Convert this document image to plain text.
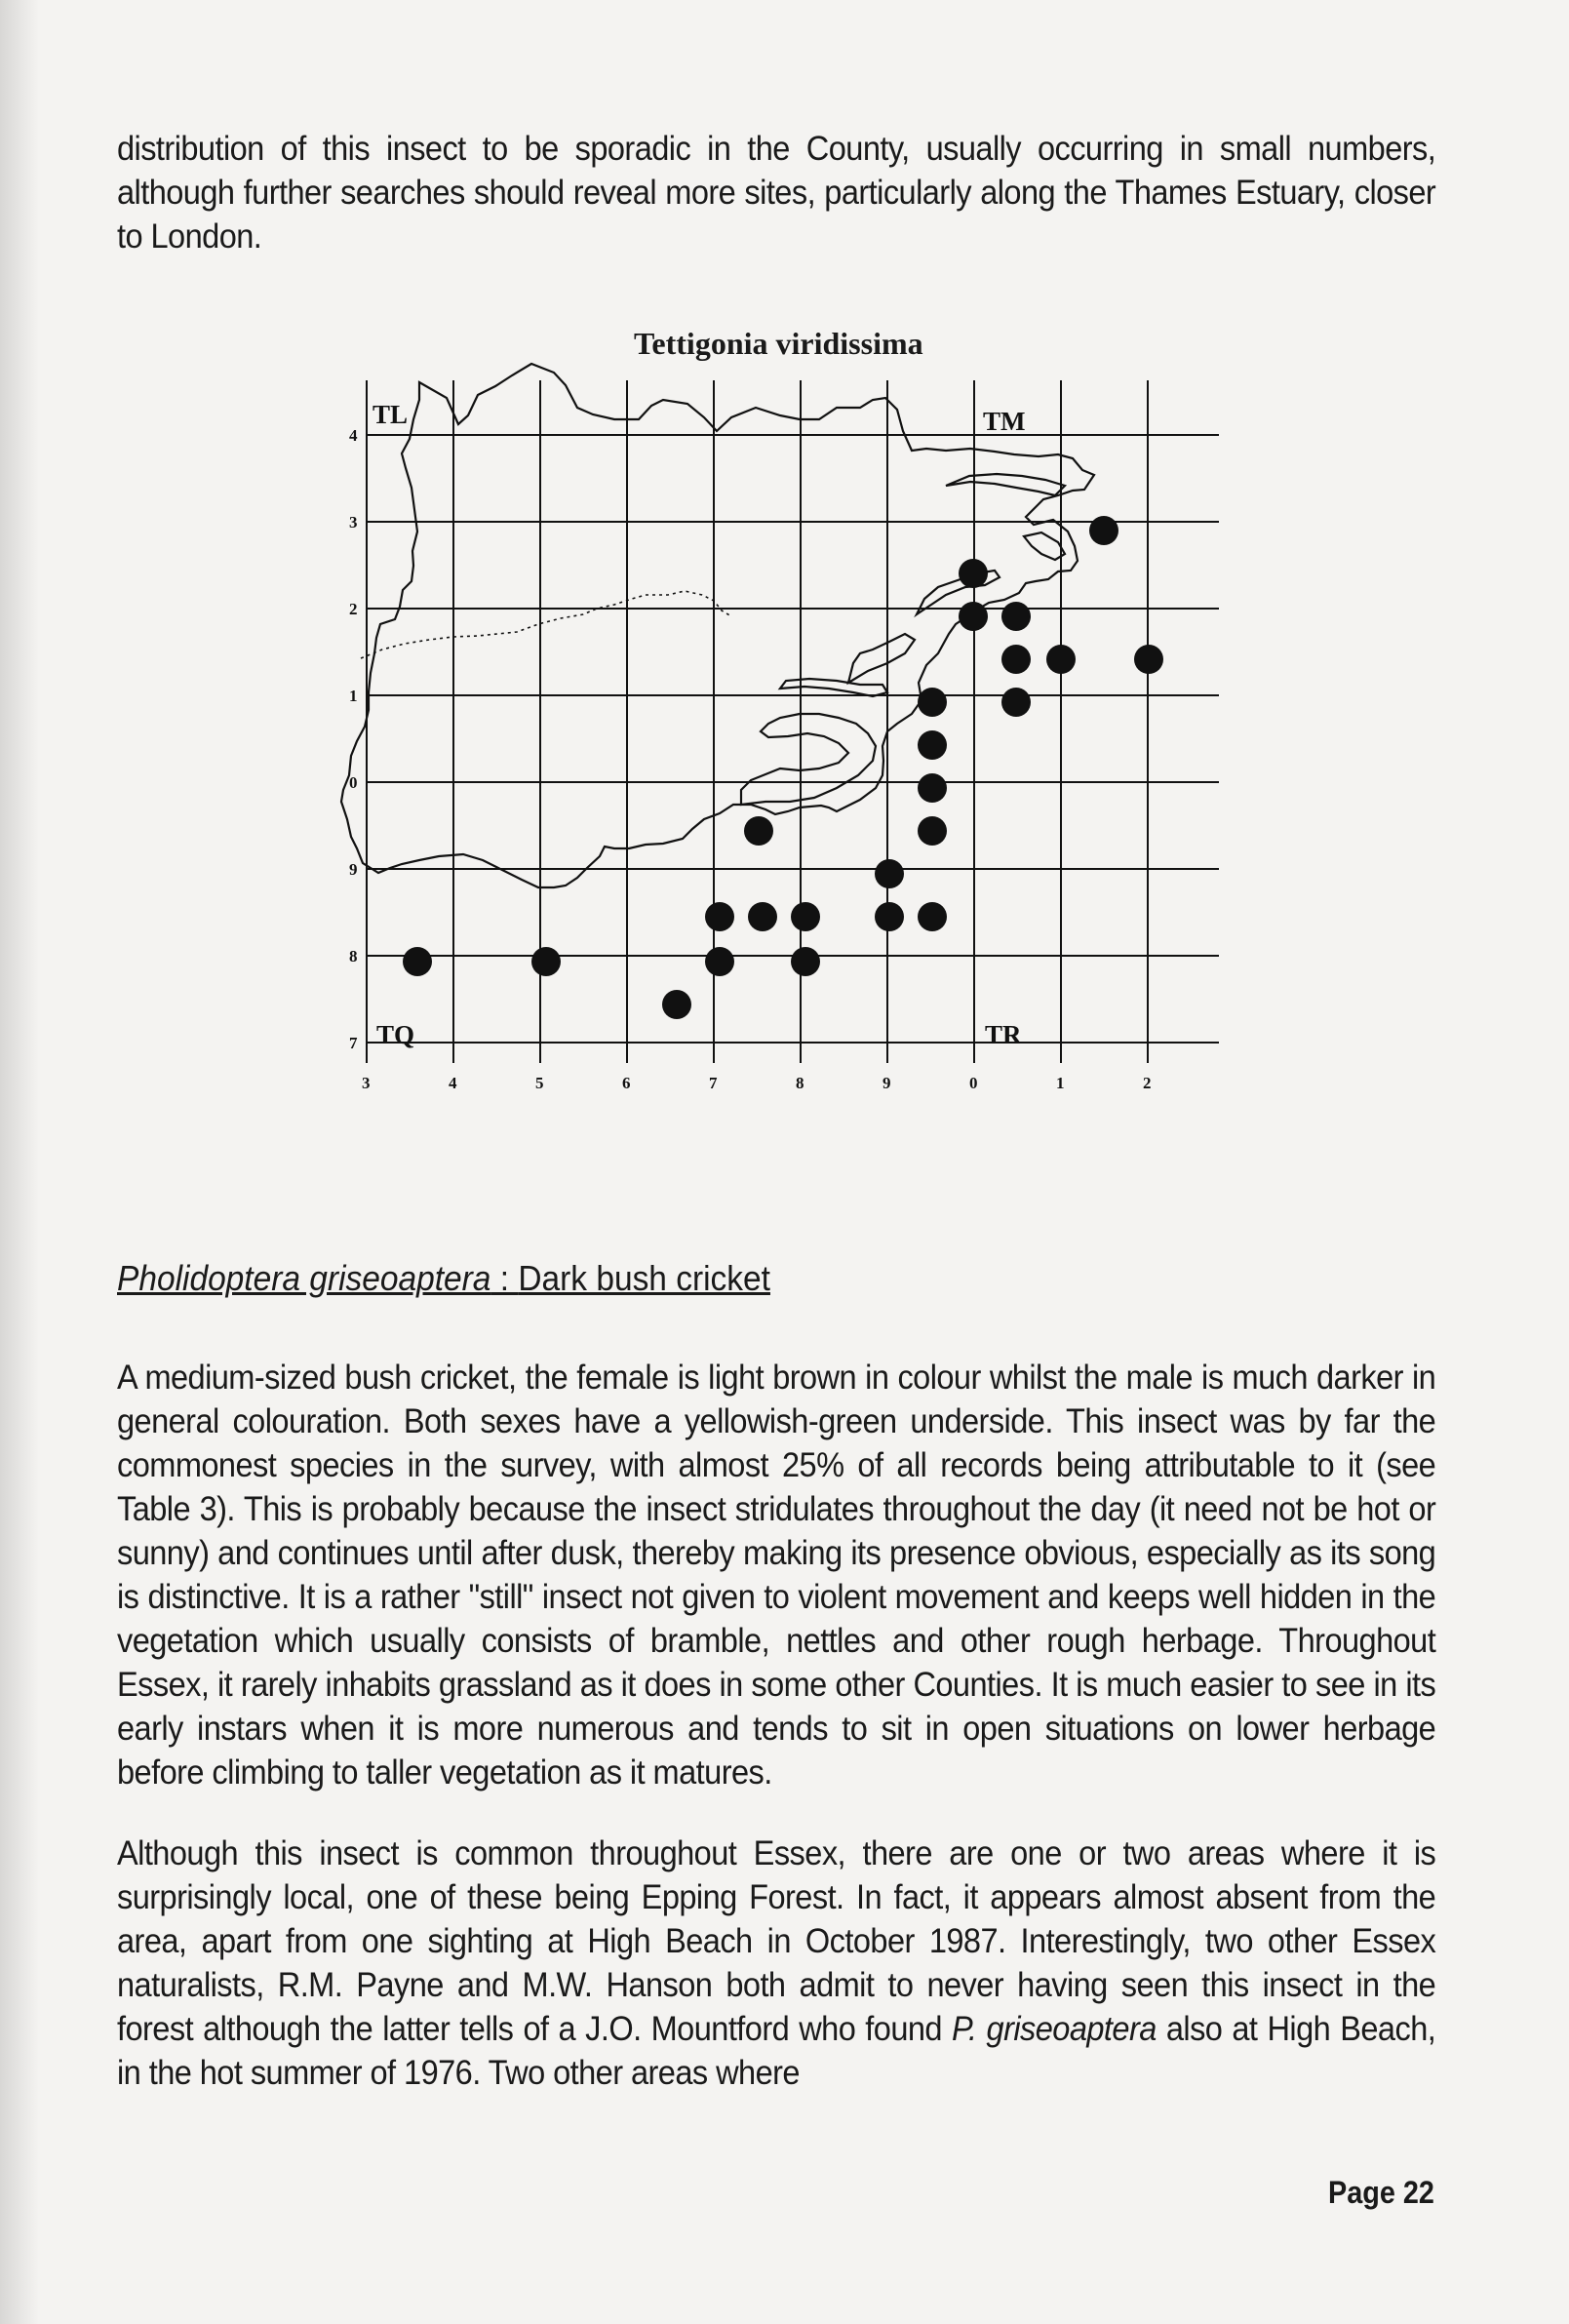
distribution of this insect to be sporadic in the County, usually occurring in small numbers, although further searches should reveal more sites, particularly along the Thames Estuary, closer to London.

Tettigonia viridissima
3	4	5	6	7	8	9	0	1	2
4
3
2
1
0
9
8
7
TL	TM
TQ	TR
Pholidoptera griseoaptera : Dark bush cricket

A medium-sized bush cricket, the female is light brown in colour whilst the male is much darker in general colouration. Both sexes have a yellowish-green underside. This insect was by far the commonest species in the survey, with almost 25% of all records being attributable to it (see Table 3). This is probably because the insect stridulates throughout the day (it need not be hot or sunny) and continues until after dusk, thereby making its presence obvious, especially as its song is distinctive. It is a rather "still" insect not given to violent movement and keeps well hidden in the vegetation which usually consists of bramble, nettles and other rough herbage. Throughout Essex, it rarely inhabits grassland as it does in some other Counties. It is much easier to see in its early instars when it is more numerous and tends to sit in open situations on lower herbage before climbing to taller vegetation as it matures.

Although this insect is common throughout Essex, there are one or two areas where it is surprisingly local, one of these being Epping Forest. In fact, it appears almost absent from the area, apart from one sighting at High Beach in October 1987. Interestingly, two other Essex naturalists, R.M. Payne and M.W. Hanson both admit to never having seen this insect in the forest although the latter tells of a J.O. Mountford who found P. griseoaptera also at High Beach, in the hot summer of 1976. Two other areas where

Page 22
